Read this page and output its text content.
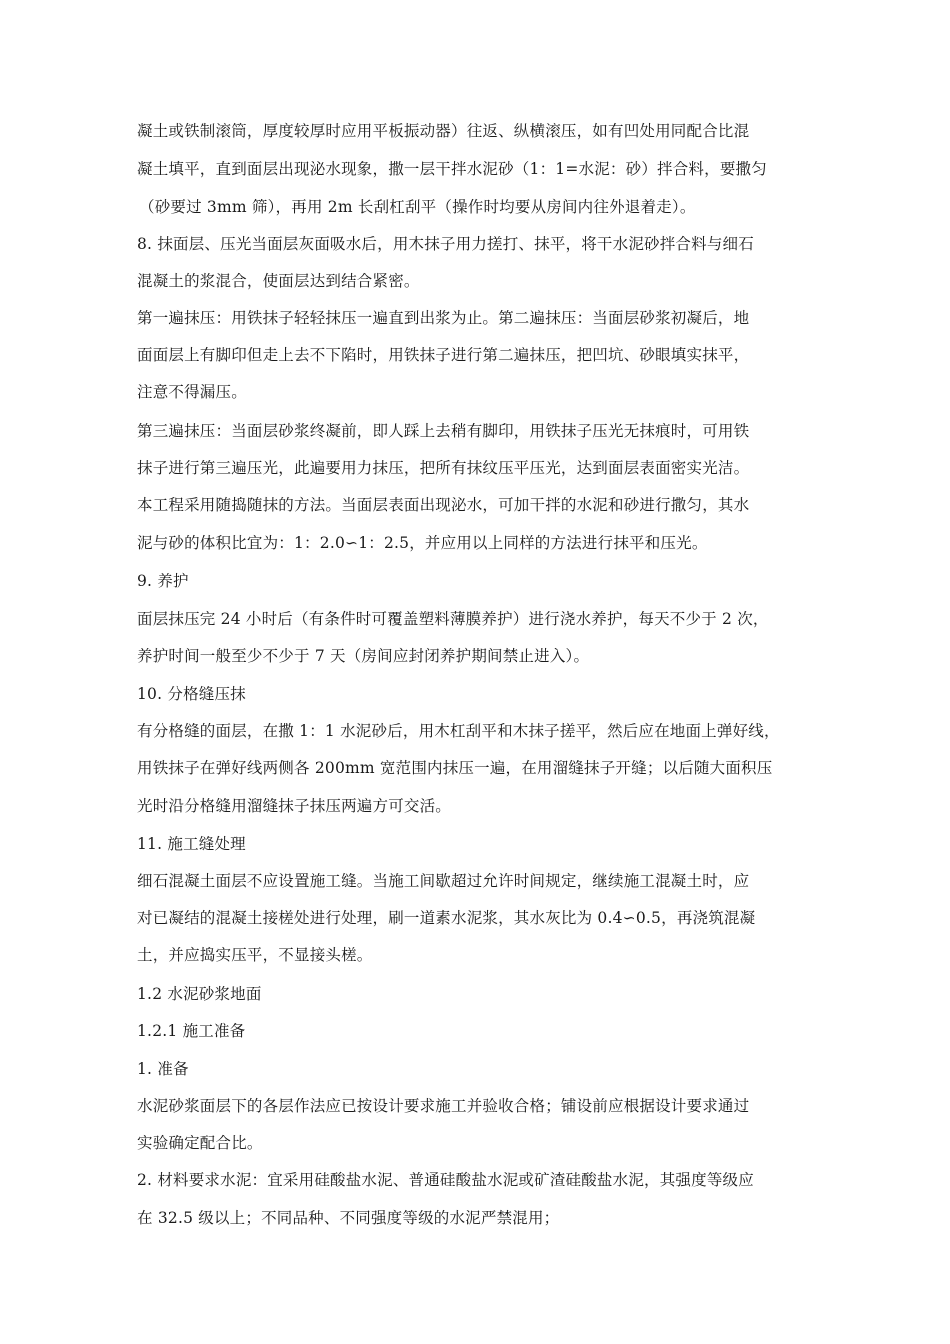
凝土或铁制滚筒，厚度较厚时应用平板振动器）往返、纵横滚压，如有凹处用同配合比混
凝土填平，直到面层出现泌水现象，撒一层干拌水泥砂（1：1=水泥：砂）拌合料，要撒匀
（砂要过 3mm 筛），再用 2m 长刮杠刮平（操作时均要从房间内往外退着走）。
8. 抹面层、压光当面层灰面吸水后，用木抹子用力搓打、抹平，将干水泥砂拌合料与细石
混凝土的浆混合，使面层达到结合紧密。
第一遍抹压：用铁抹子轻轻抹压一遍直到出浆为止。第二遍抹压：当面层砂浆初凝后，地
面面层上有脚印但走上去不下陷时，用铁抹子进行第二遍抹压，把凹坑、砂眼填实抹平，
注意不得漏压。
第三遍抹压：当面层砂浆终凝前，即人踩上去稍有脚印，用铁抹子压光无抹痕时，可用铁
抹子进行第三遍压光，此遍要用力抹压，把所有抹纹压平压光，达到面层表面密实光洁。
本工程采用随捣随抹的方法。当面层表面出现泌水，可加干拌的水泥和砂进行撒匀，其水
泥与砂的体积比宜为：1：2.0∽1：2.5，并应用以上同样的方法进行抹平和压光。
9. 养护
面层抹压完 24 小时后（有条件时可覆盖塑料薄膜养护）进行浇水养护，每天不少于 2 次，
养护时间一般至少不少于 7 天（房间应封闭养护期间禁止进入）。
10. 分格缝压抹
有分格缝的面层，在撒 1：1 水泥砂后，用木杠刮平和木抹子搓平，然后应在地面上弹好线，
用铁抹子在弹好线两侧各 200mm 宽范围内抹压一遍，在用溜缝抹子开缝；以后随大面积压
光时沿分格缝用溜缝抹子抹压两遍方可交活。
11. 施工缝处理
细石混凝土面层不应设置施工缝。当施工间歇超过允许时间规定，继续施工混凝土时，应
对已凝结的混凝土接槎处进行处理，刷一道素水泥浆，其水灰比为 0.4∽0.5，再浇筑混凝
土，并应捣实压平，不显接头槎。
1.2 水泥砂浆地面
1.2.1 施工准备
1. 准备
水泥砂浆面层下的各层作法应已按设计要求施工并验收合格；铺设前应根据设计要求通过
实验确定配合比。
2. 材料要求水泥：宜采用硅酸盐水泥、普通硅酸盐水泥或矿渣硅酸盐水泥，其强度等级应
在 32.5 级以上；不同品种、不同强度等级的水泥严禁混用；
